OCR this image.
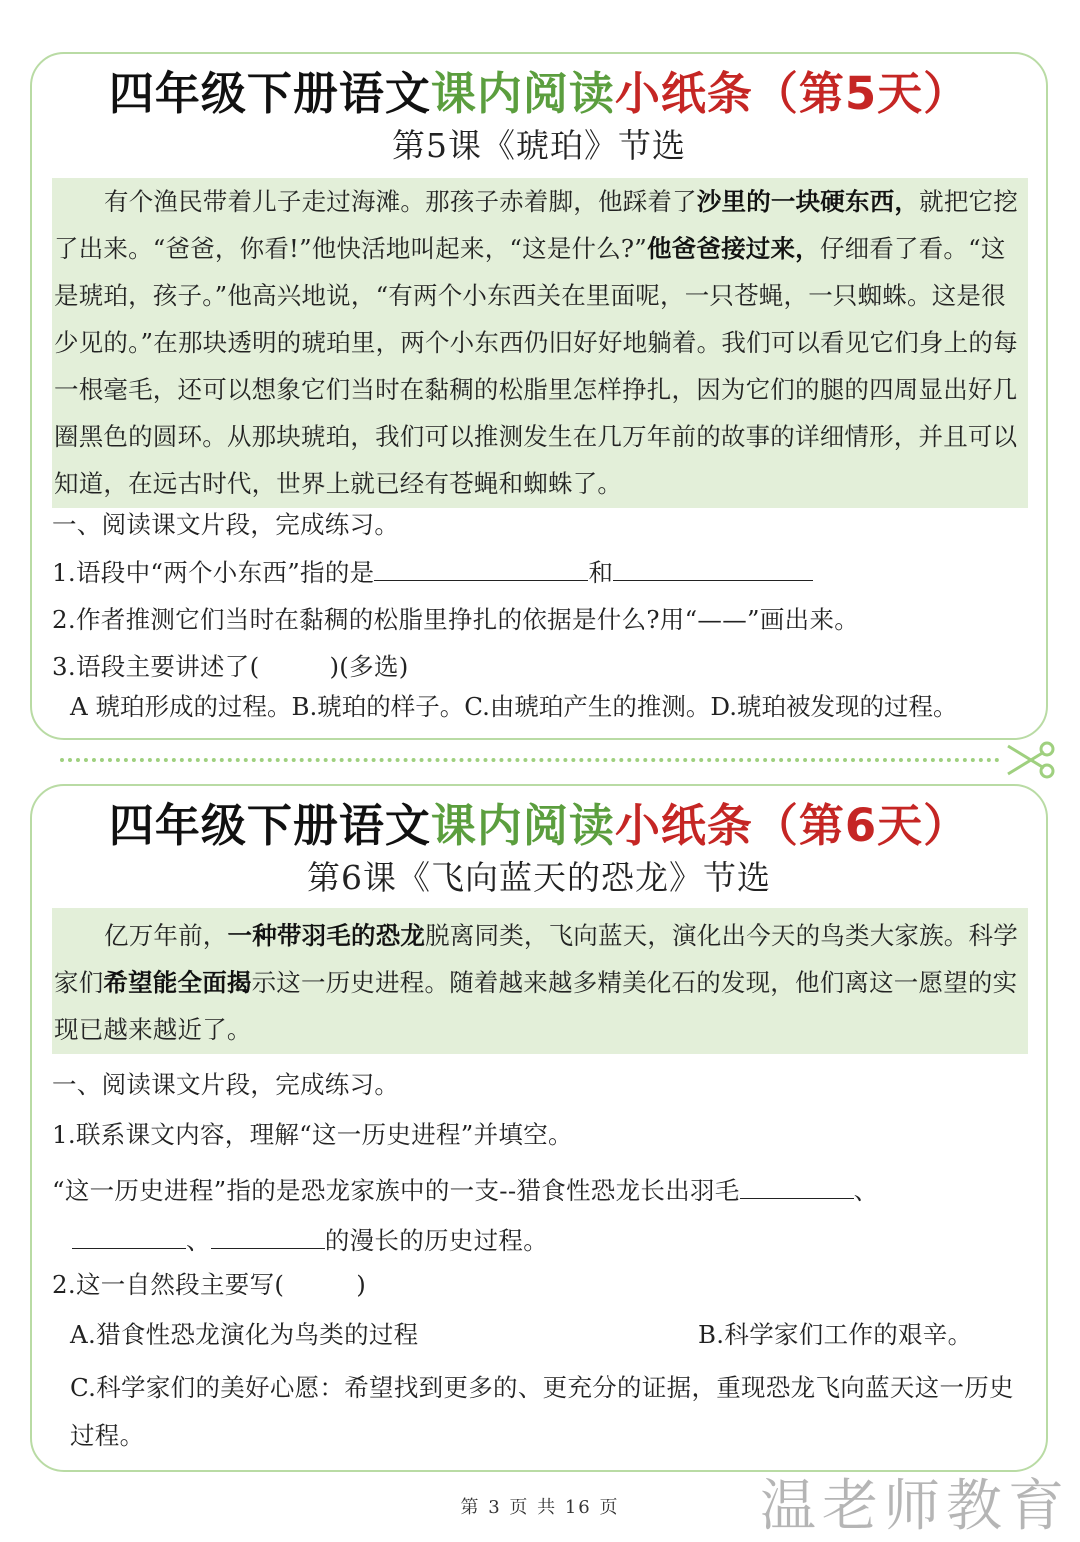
四年级下册语文课内阅读小纸条（第5天）
第5课《琥珀》节选
有个渔民带着儿子走过海滩。那孩子赤着脚，他踩着了沙里的一块硬东西，就把它挖了出来。“爸爸，你看!”他快活地叫起来，“这是什么?”他爸爸接过来，仔细看了看。“这是琥珀，孩子。”他高兴地说，“有两个小东西关在里面呢，一只苍蝇，一只蜘蛛。这是很少见的。”在那块透明的琥珀里，两个小东西仍旧好好地躺着。我们可以看见它们身上的每一根毫毛，还可以想象它们当时在黏稠的松脂里怎样挣扎，因为它们的腿的四周显出好几圈黑色的圆环。从那块琥珀，我们可以推测发生在几万年前的故事的详细情形，并且可以知道，在远古时代，世界上就已经有苍蝇和蜘蛛了。
一、阅读课文片段，完成练习。
1.语段中“两个小东西”指的是	和
2.作者推测它们当时在黏稠的松脂里挣扎的依据是什么?用“——”画出来。
3.语段主要讲述了(	)(多选)
A 琥珀形成的过程。B.琥珀的样子。C.由琥珀产生的推测。D.琥珀被发现的过程。
四年级下册语文课内阅读小纸条（第6天）
第6课《飞向蓝天的恐龙》节选
亿万年前，一种带羽毛的恐龙脱离同类，飞向蓝天，演化出今天的鸟类大家族。科学家们希望能全面揭示这一历史进程。随着越来越多精美化石的发现，他们离这一愿望的实现已越来越近了。
一、阅读课文片段，完成练习。
1.联系课文内容，理解“这一历史进程”并填空。
“这一历史进程”指的是恐龙家族中的一支--猎食性恐龙长出羽毛	、
、	的漫长的历史过程。
2.这一自然段主要写(	)
A.猎食性恐龙演化为鸟类的过程	B.科学家们工作的艰辛。
C.科学家们的美好心愿：希望找到更多的、更充分的证据，重现恐龙飞向蓝天这一历史过程。
第 3 页 共 16 页	温老师教育
